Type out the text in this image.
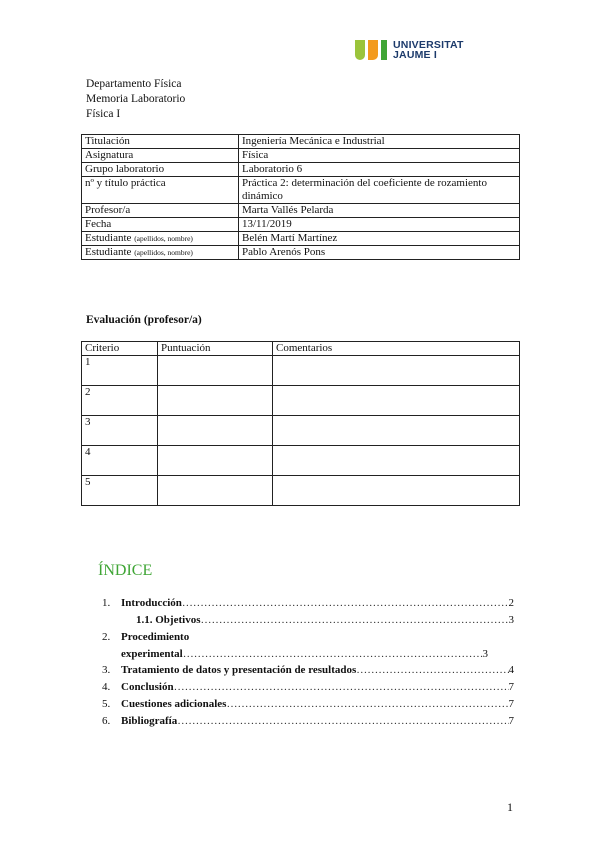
UNIVERSITAT
JAUME I
Departamento Física
Memoria Laboratorio
Física I
Titulación	Ingeniería Mecánica e Industrial
Asignatura	Física
Grupo laboratorio	Laboratorio 6
nº y título práctica	Práctica 2: determinación del coeficiente de rozamiento dinámico
Profesor/a	Marta Vallés Pelarda
Fecha	13/11/2019
Estudiante (apellidos, nombre)	Belén Martí Martínez
Estudiante (apellidos, nombre)	Pablo Arenós Pons
Evaluación (profesor/a)
Criterio	Puntuación	Comentarios
1		
2		
3		
4		
5		
ÍNDICE
1. Introducción ………………………………………………………………………………………………………	2
1.1. Objetivos ………………………………………………………………………………………………………	3
2. Procedimiento
experimental ………………………………………………………………………………………………………	3
3. Tratamiento de datos y presentación de resultados ………………………………………………………………………………………………………	4
4. Conclusión ………………………………………………………………………………………………………	7
5. Cuestiones adicionales ………………………………………………………………………………………………………	7
6. Bibliografía ………………………………………………………………………………………………………	7
1
